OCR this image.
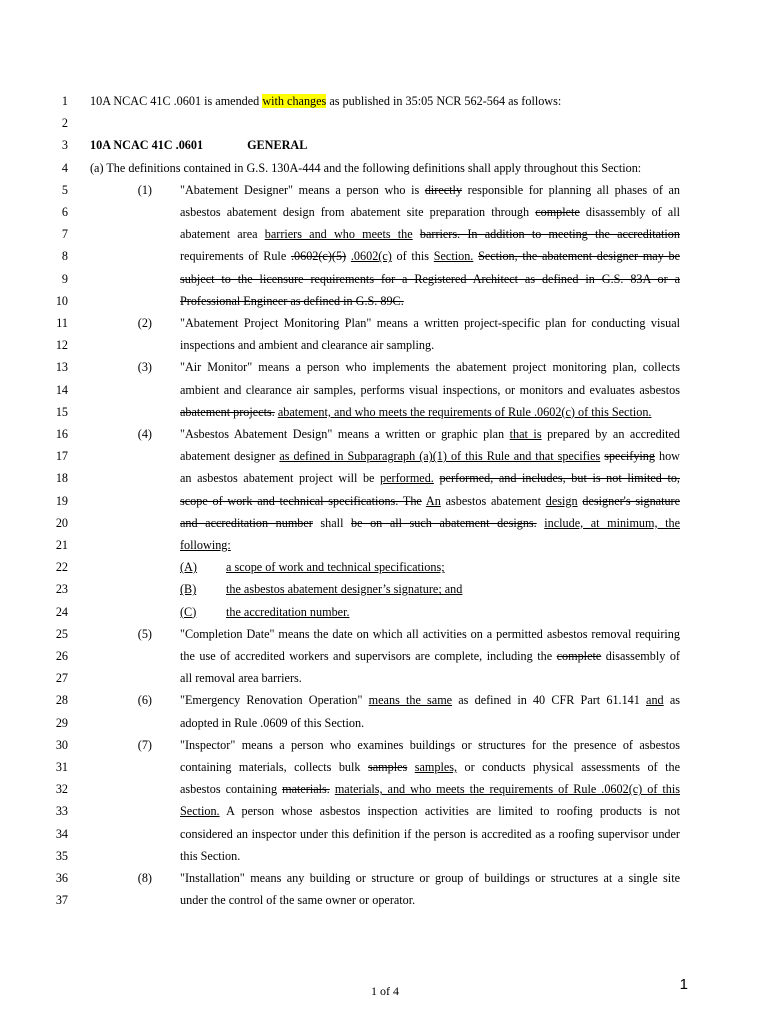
1 10A NCAC 41C .0601 is amended with changes as published in 35:05 NCR 562-564 as follows:
2
3 10A NCAC 41C .0601	GENERAL
4 (a) The definitions contained in G.S. 130A-444 and the following definitions shall apply throughout this Section:
5	(1) "Abatement Designer" means a person who is directly responsible for planning all phases of an
6	asbestos abatement design from abatement site preparation through complete disassembly of all
7	abatement area barriers and who meets the barriers. In addition to meeting the accreditation
8	requirements of Rule .0602(c)(5) .0602(c) of this Section. Section, the abatement designer may be
9	subject to the licensure requirements for a Registered Architect as defined in G.S. 83A or a
10	Professional Engineer as defined in G.S. 89C.
11	(2) "Abatement Project Monitoring Plan" means a written project-specific plan for conducting visual
12	inspections and ambient and clearance air sampling.
13	(3) "Air Monitor" means a person who implements the abatement project monitoring plan, collects
14	ambient and clearance air samples, performs visual inspections, or monitors and evaluates asbestos
15	abatement projects. abatement, and who meets the requirements of Rule .0602(c) of this Section.
16	(4) "Asbestos Abatement Design" means a written or graphic plan that is prepared by an accredited
17	abatement designer as defined in Subparagraph (a)(1) of this Rule and that specifies specifying how
18	an asbestos abatement project will be performed. performed, and includes, but is not limited to,
19	scope of work and technical specifications. The An asbestos abatement design designer's signature
20	and accreditation number shall be on all such abatement designs. include, at minimum, the
21	following:
22	(A) a scope of work and technical specifications;
23	(B) the asbestos abatement designer’s signature; and
24	(C) the accreditation number.
25	(5) "Completion Date" means the date on which all activities on a permitted asbestos removal requiring
26	the use of accredited workers and supervisors are complete, including the complete disassembly of
27	all removal area barriers.
28	(6) "Emergency Renovation Operation" means the same as defined in 40 CFR Part 61.141 and as
29	adopted in Rule .0609 of this Section.
30	(7) "Inspector" means a person who examines buildings or structures for the presence of asbestos
31	containing materials, collects bulk samples samples, or conducts physical assessments of the
32	asbestos containing materials. materials, and who meets the requirements of Rule .0602(c) of this
33	Section. A person whose asbestos inspection activities are limited to roofing products is not
34	considered an inspector under this definition if the person is accredited as a roofing supervisor under
35	this Section.
36	(8) "Installation" means any building or structure or group of buildings or structures at a single site
37	under the control of the same owner or operator.
1 of 4	1
